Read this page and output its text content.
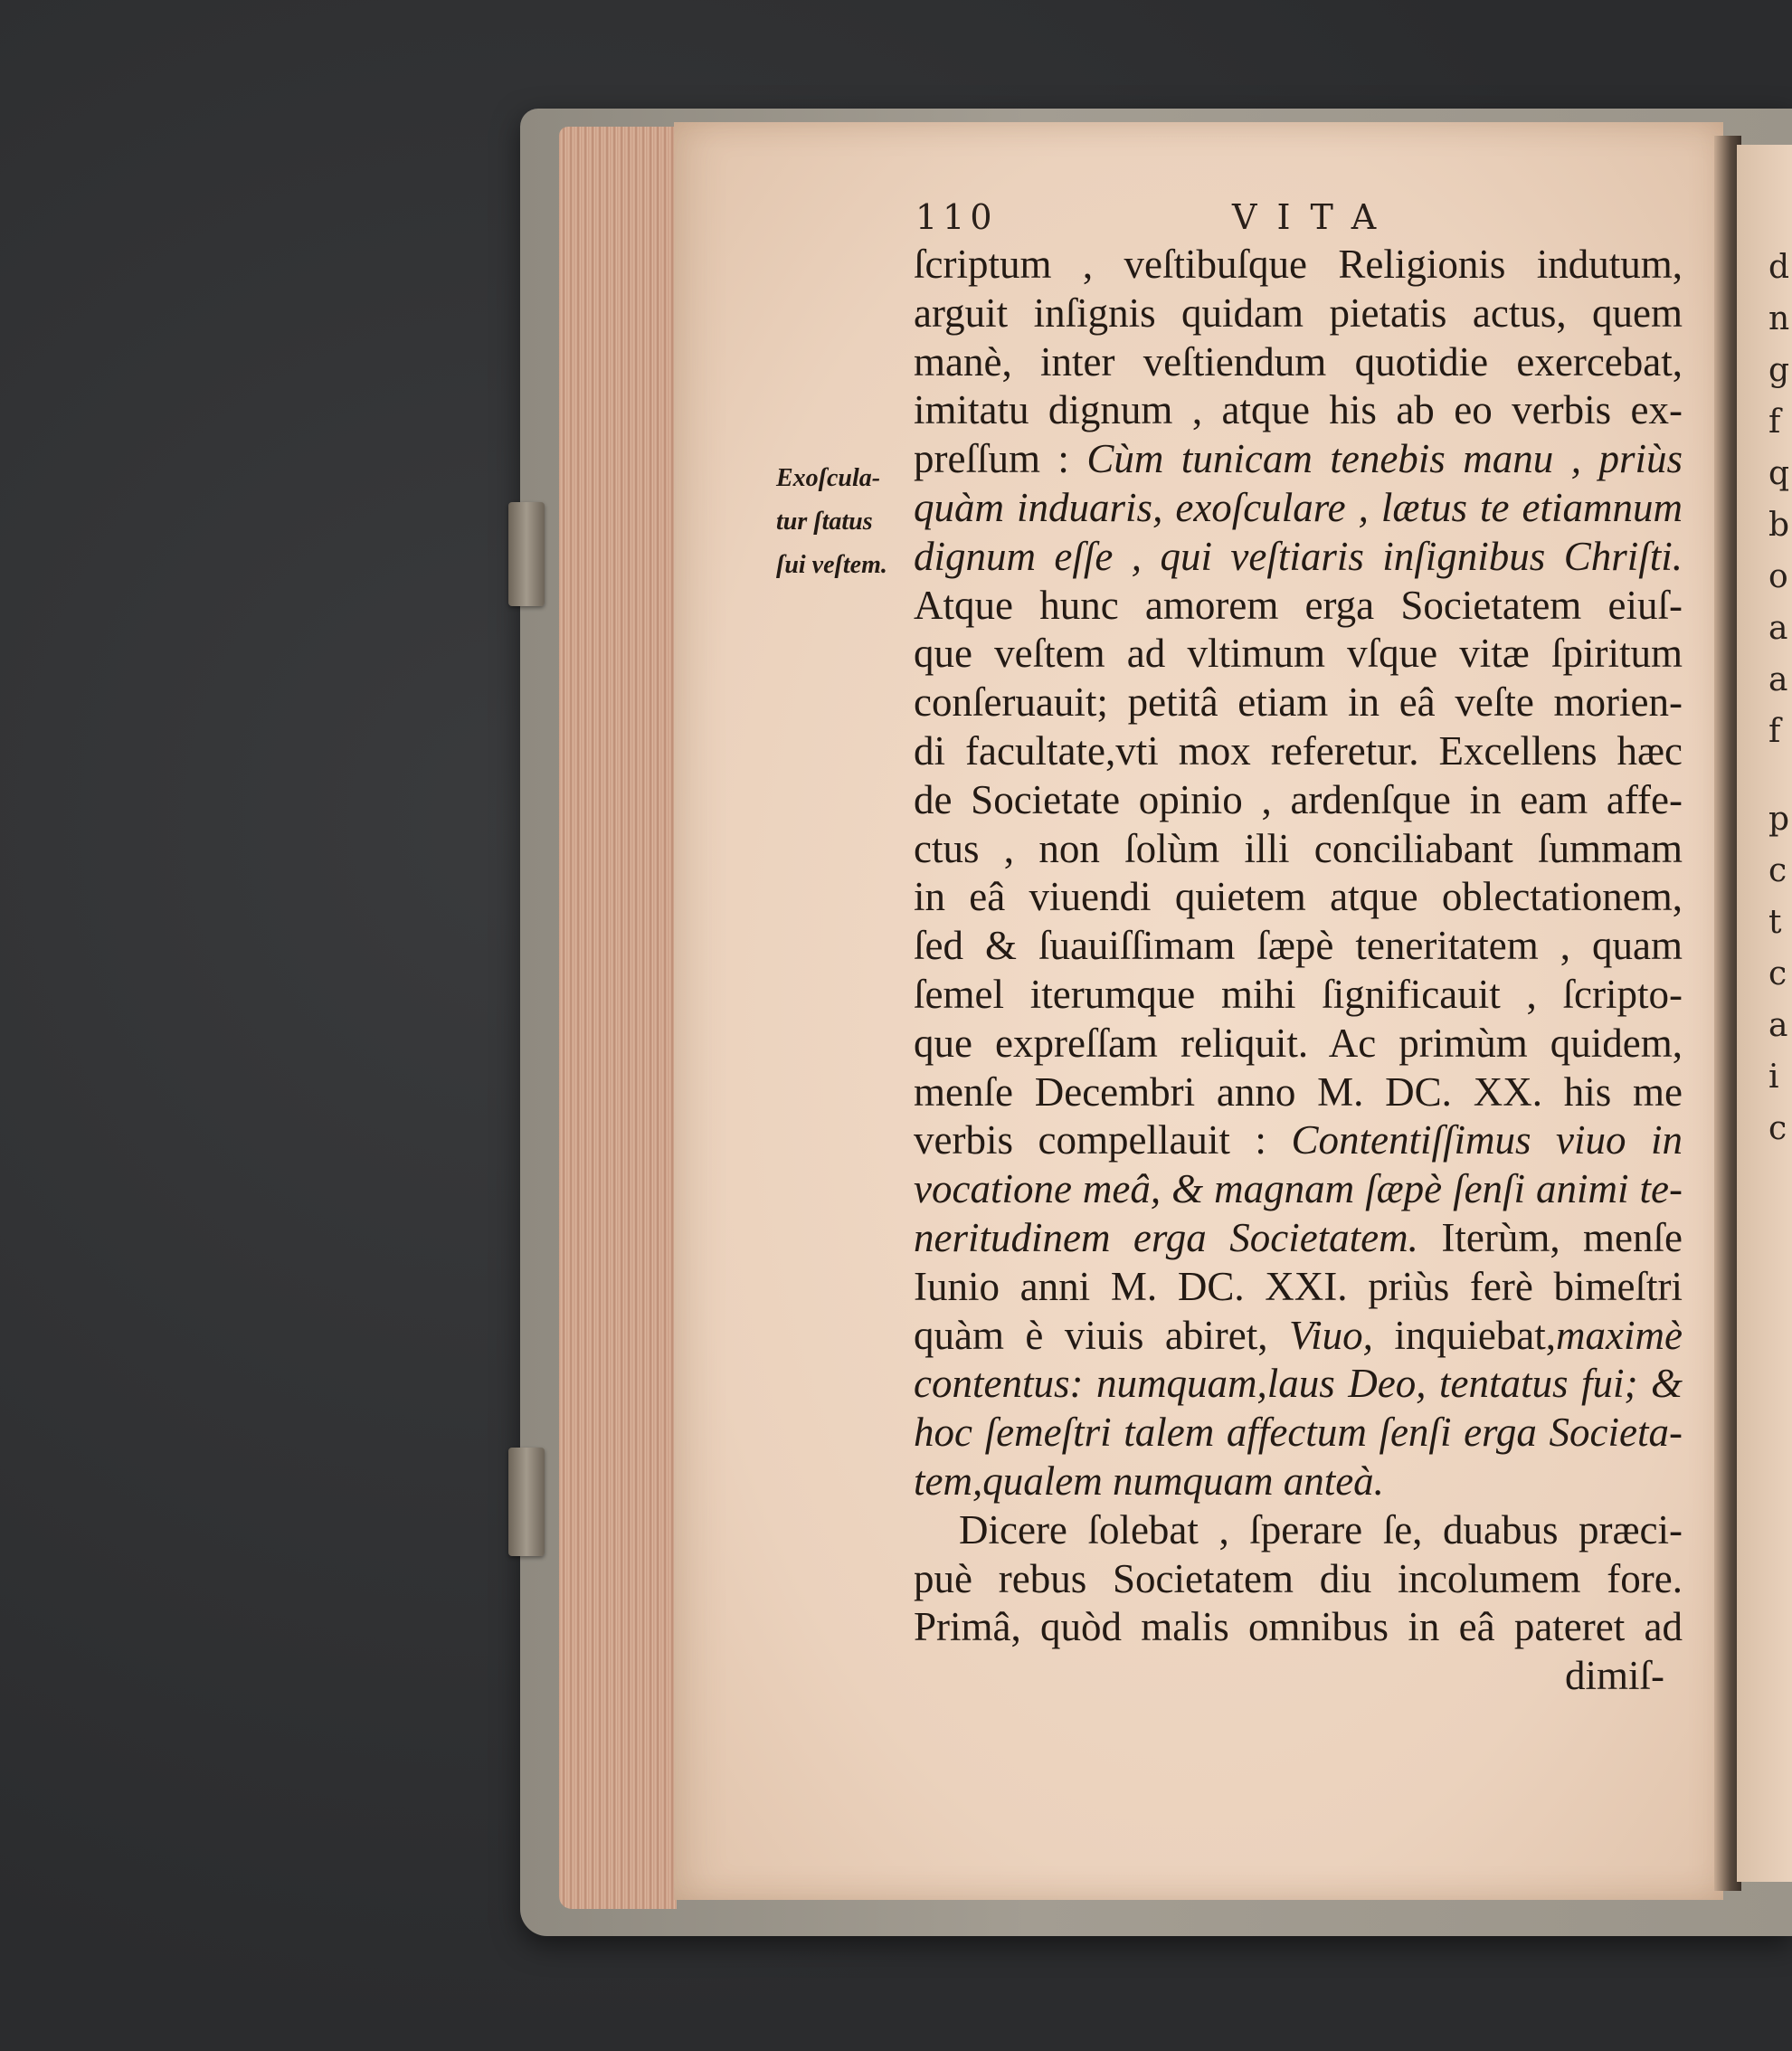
d
n
g
f
q
b
o
a
a
f
p
c
t
c
a
i
c
110	VITA
Exoſcula-
tur ſtatus
ſui veſtem.
ſcriptum , veſtibuſque Religionis indutum,
arguit inſignis quidam pietatis actus, quem
manè, inter veſtiendum quotidie exercebat,
imitatu dignum , atque his ab eo verbis ex-
preſſum : Cùm tunicam tenebis manu , priùs
quàm induaris, exoſculare , lætus te etiamnum
dignum eſſe , qui veſtiaris inſignibus Chriſti.
Atque hunc amorem erga Societatem eiuſ-
que veſtem ad vltimum vſque vitæ ſpiritum
conſeruauit; petitâ etiam in eâ veſte morien-
di facultate,vti mox referetur. Excellens hæc
de Societate opinio , ardenſque in eam affe-
ctus , non ſolùm illi conciliabant ſummam
in eâ viuendi quietem atque oblectationem,
ſed & ſuauiſſimam ſæpè teneritatem , quam
ſemel iterumque mihi ſignificauit , ſcripto-
que expreſſam reliquit. Ac primùm quidem,
menſe Decembri anno M. DC. XX. his me
verbis compellauit : Contentiſſimus viuo in
vocatione meâ, & magnam ſæpè ſenſi animi te-
neritudinem erga Societatem. Iterùm, menſe
Iunio anni M. DC. XXI. priùs ferè bimeſtri
quàm è viuis abiret, Viuo, inquiebat,maximè
contentus: numquam,laus Deo, tentatus fui; &
hoc ſemeſtri talem affectum ſenſi erga Societa-
tem,qualem numquam anteà.
Dicere ſolebat , ſperare ſe, duabus præci-
puè rebus Societatem diu incolumem fore.
Primâ, quòd malis omnibus in eâ pateret ad
dimiſ-
